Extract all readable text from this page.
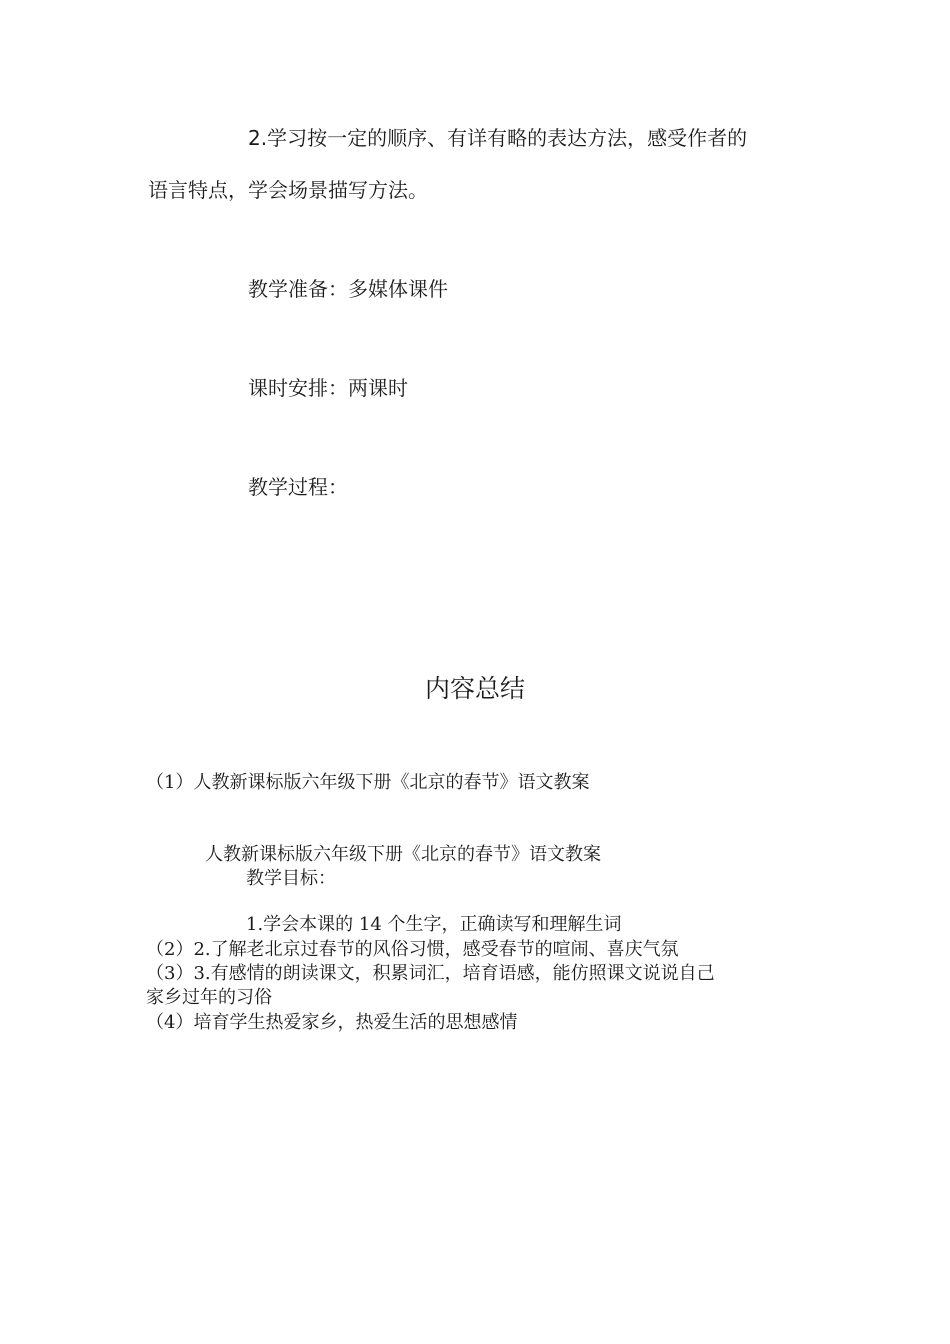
2.学习按一定的顺序、有详有略的表达方法，感受作者的

语言特点，学会场景描写方法。

教学准备：多媒体课件

课时安排：两课时

教学过程：

内容总结

（1）人教新课标版六年级下册《北京的春节》语文教案

人教新课标版六年级下册《北京的春节》语文教案

教学目标：

1.学会本课的 14 个生字，正确读写和理解生词

（2）2.了解老北京过春节的风俗习惯，感受春节的喧闹、喜庆气氛

（3）3.有感情的朗读课文，积累词汇，培育语感，能仿照课文说说自己

家乡过年的习俗

（4）培育学生热爱家乡，热爱生活的思想感情
